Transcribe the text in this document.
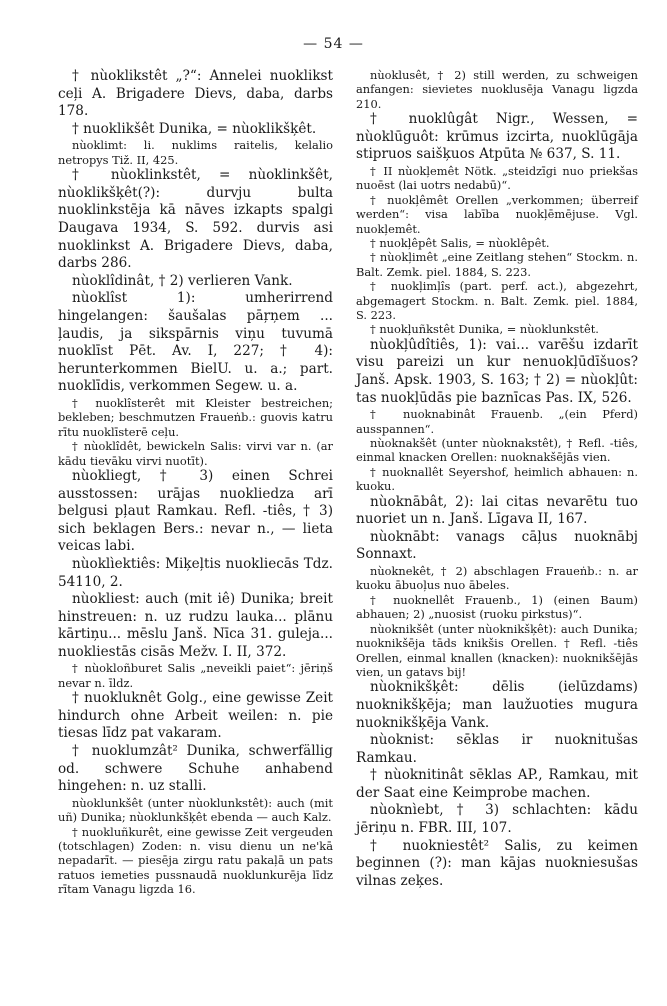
— 54 —

† nùoklikstêt „?“: Annelei nuoklikst ceļi A. Brigadere Dievs, daba, darbs 178.

† nuoklikšêt Dunika, = nùoklikšķêt.

nùoklimt: li. nuklims raitelis, kelalio netropys Tiž. II, 425.

† nùoklinkstêt, = nùoklinkšêt, nùoklikšķêt(?): durvju bulta nuoklinkstēja kā nāves izkapts spalgi Daugava 1934, S. 592. durvis asi nuoklinkst A. Brigadere Dievs, daba, darbs 286.

nùoklîdinât, † 2) verlieren Vank.

nùoklîst 1): umherirrend hingelangen: šaušalas pāŗņem ... ļaudis, ja sikspārnis viņu tuvumā nuoklīst Pēt. Av. I, 227; † 4): herunterkommen BielU. u. a.; part. nuoklīdis, verkommen Segew. u. a.

† nuoklîsterêt mit Kleister bestreichen; bekleben; beschmutzen Fraueṅb.: guovis katru rītu nuoklīsterē ceļu.

† nùoklîdêt, bewickeln Salis: virvi var n. (ar kādu tievāku virvi nuotīt).

nùokliegt, † 3) einen Schrei ausstossen: urājas nuokliedza arī belgusi pļaut Ramkau. Refl. -tiês, † 3) sich beklagen Bers.: nevar n., — lieta veicas labi.

nùoklìektiês: Miķeļtis nuokliecās Tdz. 54110, 2.

nùokliest: auch (mit iê) Dunika; breit hinstreuen: n. uz rudzu lauka... plānu kārtiņu... mēslu Janš. Nīca 31. guleja... nuokliestās cisās Mežv. I. II, 372.

† nùokloñburet Salis „neveikli paiet“: jēriņš nevar n. īldz.

† nuokluknêt Golg., eine gewisse Zeit hindurch ohne Arbeit weilen: n. pie tiesas līdz pat vakaram.

† nuoklumzât² Dunika, schwerfällig od. schwere Schuhe anhabend hingehen: n. uz stalli.

nùoklunkšêt (unter nùoklunkstêt): auch (mit uñ) Dunika; nùoklunkšķêt ebenda — auch Kalz.

† nuokluñkurêt, eine gewisse Zeit vergeuden (totschlagen) Zoden: n. visu dienu un ne'kā nepadarīt. — piesēja zirgu ratu pakaļā un pats ratuos iemeties pussnaudā nuoklunkurēja līdz rītam Vanagu ligzda 16.

nùoklusêt, † 2) still werden, zu schweigen anfangen: sievietes nuoklusēja Vanagu ligzda 210.

† nuoklûgât Nigr., Wessen, = nùoklūguôt: krūmus izcirta, nuoklūgāja stipruos saišķuos Atpūta № 637, S. 11.

† II nùokļemêt Nötk. „steidzīgi nuo priekšas nuoēst (lai uotrs nedabū)“.

† nuokļêmêt Orellen „verkommen; überreif werden“: visa labība nuokļēmējuse. Vgl. nuokļemêt.

† nuokļêpêt Salis, = nùoklêpêt.

† nùokļimêt „eine Zeitlang stehen“ Stockm. n. Balt. Zemk. piel. 1884, S. 223.

† nuokļimļîs (part. perf. act.), abgezehrt, abgemagert Stockm. n. Balt. Zemk. piel. 1884, S. 223.

† nuokļuñkstêt Dunika, = nùoklunkstêt.

nùokļûdîtiês, 1): vai... varēšu izdarīt visu pareizi un kur nenuokļūdīšuos? Janš. Apsk. 1903, S. 163; † 2) = nùokļût: tas nuokļūdās pie baznīcas Pas. IX, 526.

† nuoknabinât Frauenb. „(ein Pferd) ausspannen“.

nùoknakšêt (unter nùoknakstêt), † Refl. -tiês, einmal knacken Orellen: nuoknakšējās vien.

† nuoknallêt Seyershof, heimlich abhauen: n. kuoku.

nùoknābât, 2): lai citas nevarētu tuo nuoriet un n. Janš. Līgava II, 167.

nùoknābt: vanags cāļus nuoknābj Sonnaxt.

nùoknekêt, † 2) abschlagen Fraueṅb.: n. ar kuoku ābuoļus nuo ābeles.

† nuoknellêt Frauenb., 1) (einen Baum) abhauen; 2) „nuosist (ruoku pirkstus)“.

nùoknikšêt (unter nùoknikšķêt): auch Dunika; nuoknikšēja tāds knikšis Orellen. † Refl. -tiês Orellen, einmal knallen (knacken): nuoknikšējās vien, un gatavs bij!

nùoknikšķêt: dēlis (ielūzdams) nuoknikšķēja; man laužuoties mugura nuoknikšķēja Vank.

nùoknist: sēklas ir nuoknitušas Ramkau.

† nùoknitinât sēklas AP., Ramkau, mit der Saat eine Keimprobe machen.

nùoknìebt, † 3) schlachten: kādu jēriņu n. FBR. III, 107.

† nuokniestêt² Salis, zu keimen beginnen (?): man kājas nuokniesušas vilnas zeķes.
